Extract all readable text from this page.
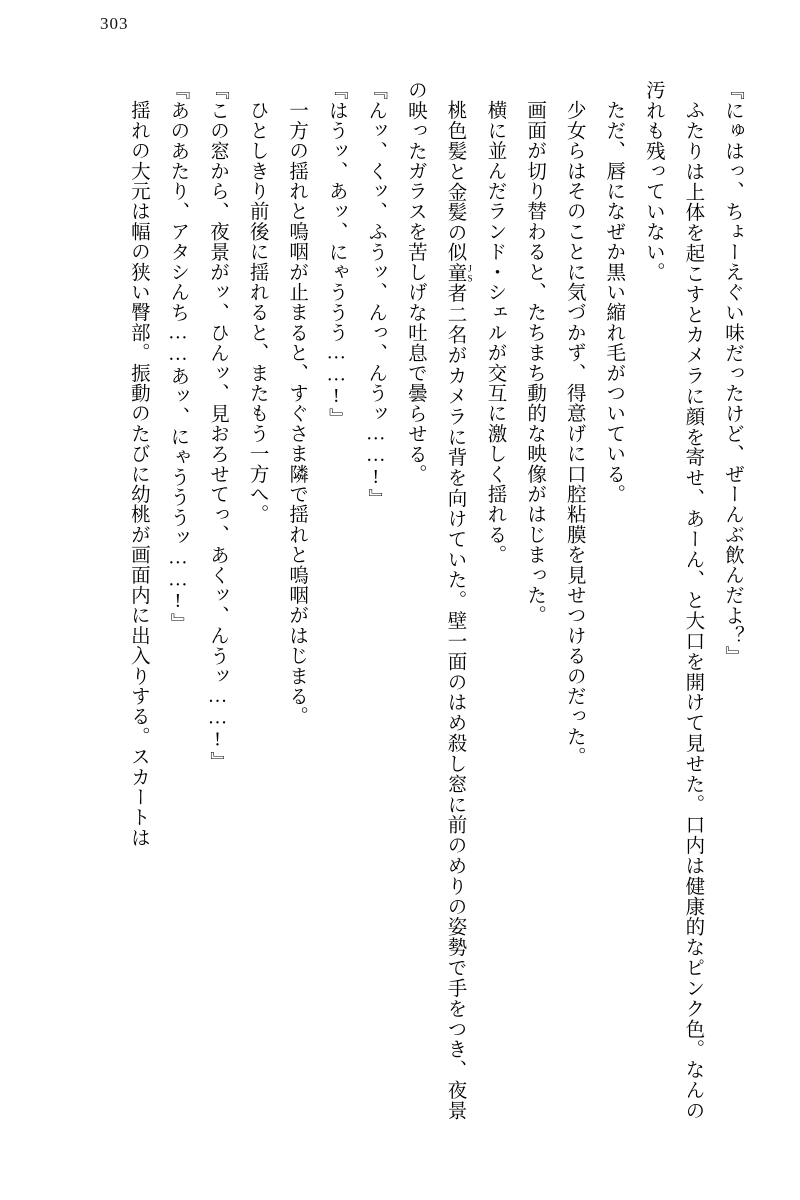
303

『にゅはっ、ちょーえぐい味だったけど、ぜーんぶ飲んだよ？』

ふたりは上体を起こすとカメラに顔を寄せ、あーん、と大口を開けて見せた。口内は健康的なピンク色。なんの汚れも残っていない。

ただ、唇になぜか黒い縮れ毛がついている。

少女らはそのことに気づかず、得意げに口腔粘膜を見せつけるのだった。

画面が切り替わると、たちまち動的な映像がはじまった。

横に並んだランド・シェルが交互に激しく揺れる。

桃色髪と金髪の似童者 JS二名がカメラに背を向けていた。壁一面のはめ殺し窓に前のめりの姿勢で手をつき、夜景の映ったガラスを苦しげな吐息で曇らせる。

『んッ、くッ、ふうッ、んっ、んうッ……!』

『はうッ、あッ、にゃううう……!』

一方の揺れと嗚咽が止まると、すぐさま隣で揺れと嗚咽がはじまる。

ひとしきり前後に揺れると、またもう一方へ。

『この窓から、夜景がッ、ひんッ、見おろせてっ、あくッ、んうッ……!』

『あのあたり、アタシんち……あッ、にゃうううッ……!』

揺れの大元は幅の狭い臀部。振動のたびに幼桃が画面内に出入りする。スカートは
